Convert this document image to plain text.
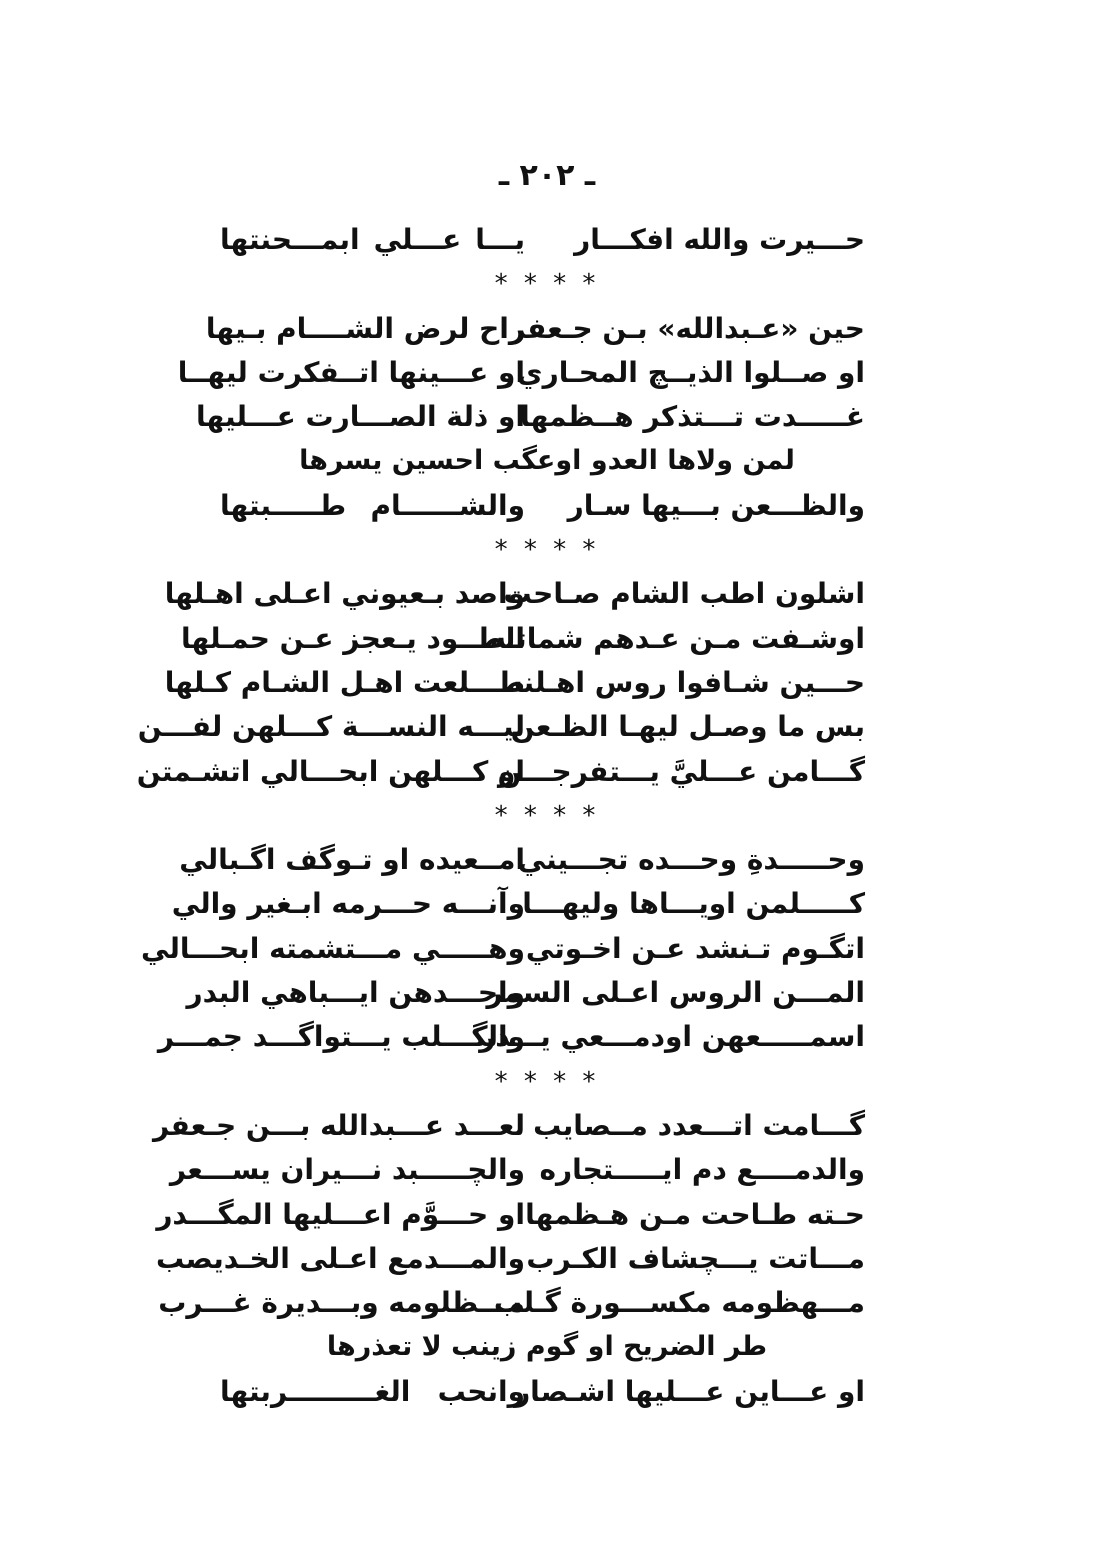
ـ ٢٠٢ ـ
حـــيرت والله افكـــار
يـــا عـــلي ابمـــحنتها
* * * *
حين «عـبدالله» بـن جـعفر
راح لرض الشــــام بـيها
او صــلوا الذيــچ المحـاري
او عـــينها اتــفكرت ليهــا
غـــــدت تـــتذكر هــظمها
او ذلة الصـــارت عـــليها
لمن ولاها العدو اوعگب احسين يسرها
والظـــعن بـــيها سـار
والشــــــام طـــــبتها
* * * *
اشلون اطب الشام صـاحت
واصد بـعيوني اعـلى اهـلها
اوشـفت مـن عـدهم شماتـه
الطــود يـعجز عـن حمـلها
حـــين شـافوا روس اهـلنه
طـــلعت اهـل الشـام كـلها
بس ما وصـل ليهـا الظـعن
ليـــه النســـة كـــلهن لفـــن
گـــامن عـــليَّ يـــتفرجـــن
او كـــلهن ابحـــالي اتشـمتن
* * * *
وحـــــدةِ وحـــده تجـــيني
امــعيده او تـوگف اگـبالي
كـــــلمن اويـــاها وليهـــا
وآنـــه حـــرمه ابـغير والي
اتگـوم تـنشد عـن اخـوتي
وهـــــي مـــتشمته ابحـــالي
المـــن الروس اعـلى السمر
واحـــدهن ايـــباهي البدر
اسمـــــعهن اودمـــعي يـــدر
والگـــلب يـــتواگـــد جمـــر
* * * *
گـــامت اتـــعدد مــصايب
لعـــد عـــبدالله بـــن جـعفر
والدمــــع دم ايـــــتجاره
والچـــــبد نـــيران يســـعر
حـته طـاحت مـن هـظمها
او حـــوَّم اعـــليها المگـــدر
مـــاتت يـــچشاف الكـرب
والمـــدمع اعـلى الخـديصب
مـــهظومه مكســـورة گـلب
مـــظلومه وبـــديرة غـــرب
طر الضريح او گوم زينب لا تعذرها
او عـــاين عـــليها اشـصار
وانحب الغـــــــــربتها
